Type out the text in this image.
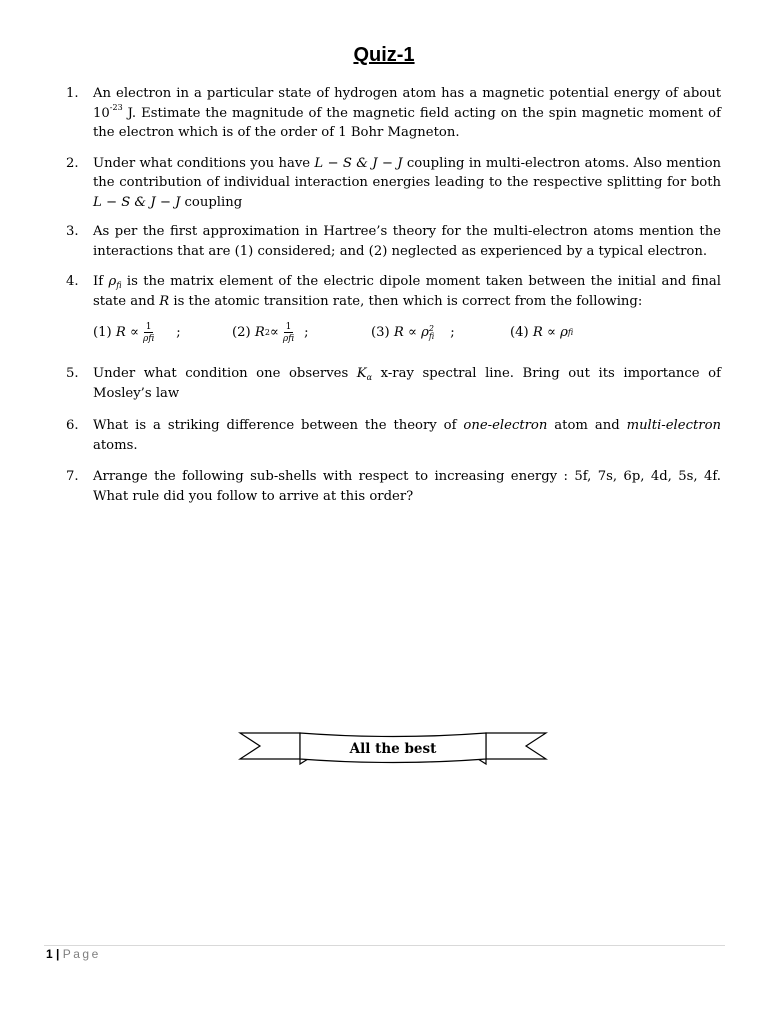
Quiz-1
1. An electron in a particular state of hydrogen atom has a magnetic potential energy of about $10^{-23}$ J. Estimate the magnitude of the magnetic field acting on the spin magnetic moment of the electron which is of the order of 1 Bohr Magneton.
2. Under what conditions you have L − S & J − J coupling in multi-electron atoms. Also mention the contribution of individual interaction energies leading to the respective splitting for both L − S & J − J coupling
3. As per the first approximation in Hartree’s theory for the multi-electron atoms mention the interactions that are (1) considered; and (2) neglected as experienced by a typical electron.
4. If $\rho_{fi}$ is the matrix element of the electric dipole moment taken between the initial and final state and R is the atomic transition rate, then which is correct from the following:
(1)
$R \propto \frac{1}{\text{ρfi}}$ ;	(2)
R $2 \propto \frac{1}{\text{ρfi}}$ ;	(3)
R ∝ ρ 2
fi ;	(4)
R ∝ ρ fi
5. Under what condition one observes $K_\alpha$ x-ray spectral line. Bring out its importance of Mosley’s law
6. What is a striking difference between the theory of one-electron atom and multi-electron atoms.
7. Arrange the following sub-shells with respect to increasing energy : 5f, 7s, 6p, 4d, 5s, 4f. What rule did you follow to arrive at this order?
All the best
1 | Page
